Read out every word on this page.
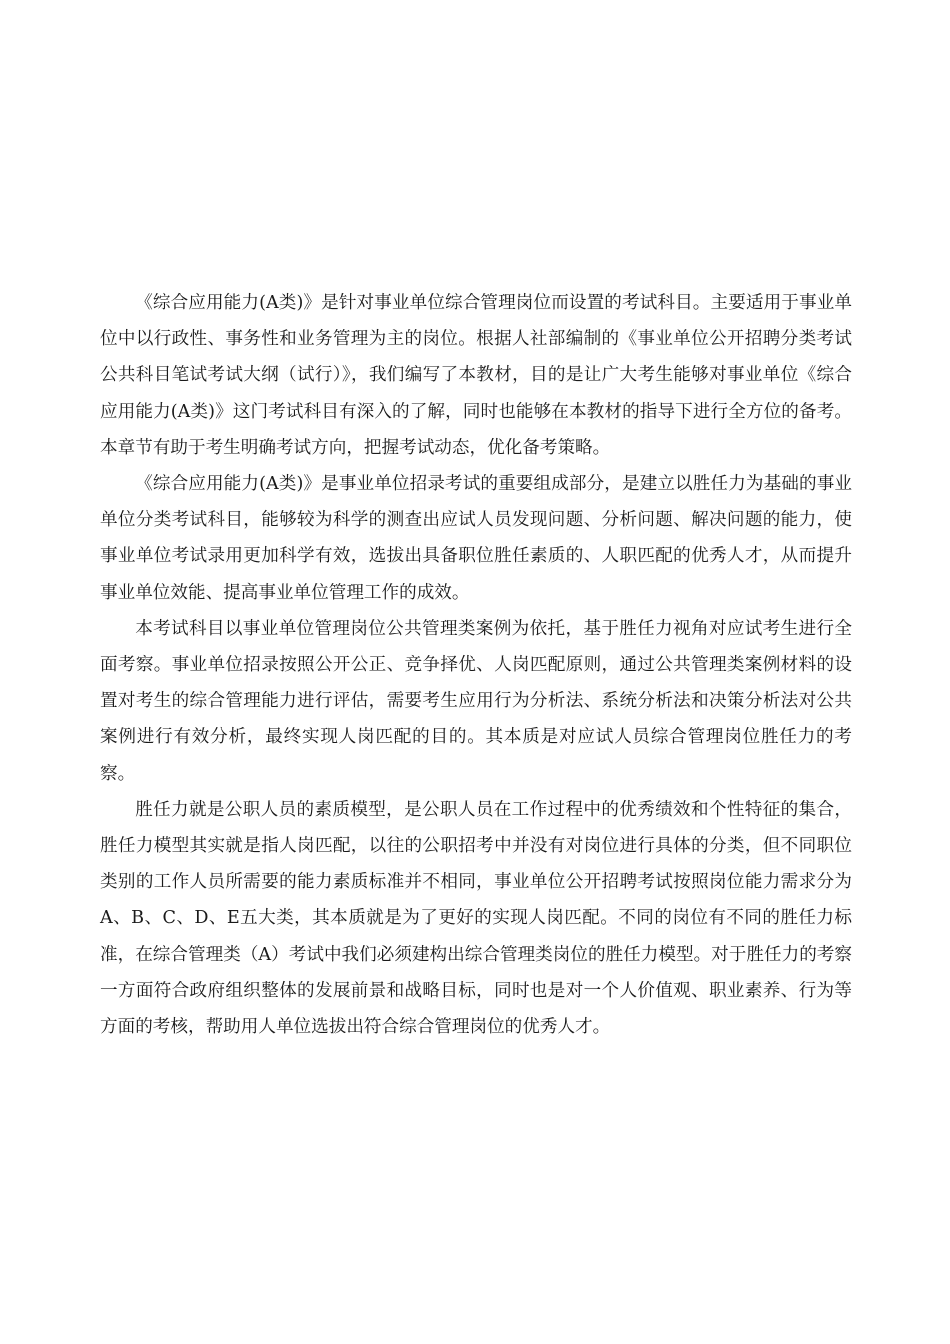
《综合应用能力(A类)》是针对事业单位综合管理岗位而设置的考试科目。主要适用于事业单位中以行政性、事务性和业务管理为主的岗位。根据人社部编制的《事业单位公开招聘分类考试公共科目笔试考试大纲（试行）》，我们编写了本教材，目的是让广大考生能够对事业单位《综合应用能力(A类)》这门考试科目有深入的了解，同时也能够在本教材的指导下进行全方位的备考。本章节有助于考生明确考试方向，把握考试动态，优化备考策略。

《综合应用能力(A类)》是事业单位招录考试的重要组成部分，是建立以胜任力为基础的事业单位分类考试科目，能够较为科学的测查出应试人员发现问题、分析问题、解决问题的能力，使事业单位考试录用更加科学有效，选拔出具备职位胜任素质的、人职匹配的优秀人才，从而提升事业单位效能、提高事业单位管理工作的成效。

本考试科目以事业单位管理岗位公共管理类案例为依托，基于胜任力视角对应试考生进行全面考察。事业单位招录按照公开公正、竞争择优、人岗匹配原则，通过公共管理类案例材料的设置对考生的综合管理能力进行评估，需要考生应用行为分析法、系统分析法和决策分析法对公共案例进行有效分析，最终实现人岗匹配的目的。其本质是对应试人员综合管理岗位胜任力的考察。

胜任力就是公职人员的素质模型，是公职人员在工作过程中的优秀绩效和个性特征的集合，胜任力模型其实就是指人岗匹配，以往的公职招考中并没有对岗位进行具体的分类，但不同职位类别的工作人员所需要的能力素质标准并不相同，事业单位公开招聘考试按照岗位能力需求分为A、B、C、D、E五大类，其本质就是为了更好的实现人岗匹配。不同的岗位有不同的胜任力标准，在综合管理类（A）考试中我们必须建构出综合管理类岗位的胜任力模型。对于胜任力的考察一方面符合政府组织整体的发展前景和战略目标，同时也是对一个人价值观、职业素养、行为等方面的考核，帮助用人单位选拔出符合综合管理岗位的优秀人才。
